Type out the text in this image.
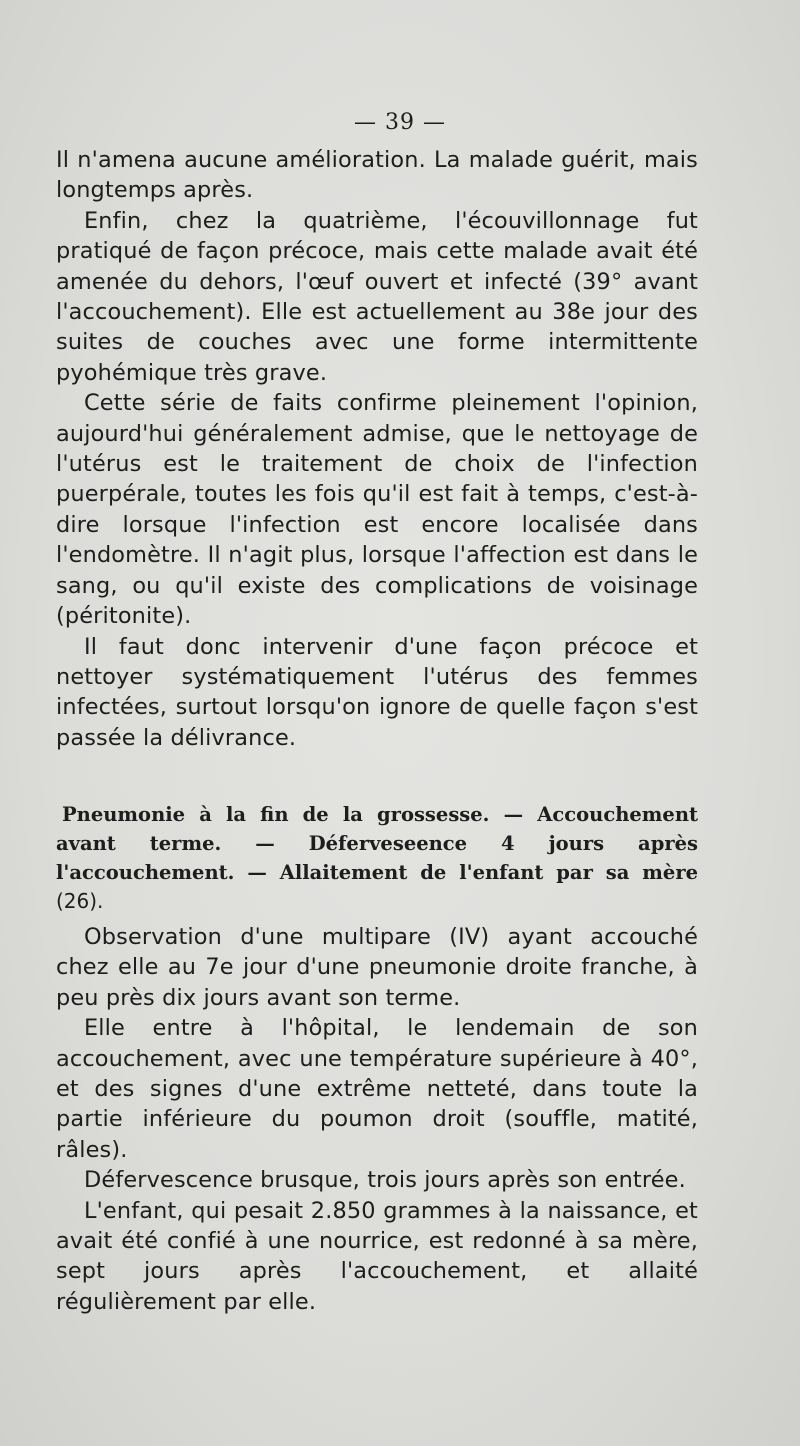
— 39 —

Il n'amena aucune amélioration. La malade guérit, mais longtemps après.

Enfin, chez la quatrième, l'écouvillonnage fut pratiqué de façon précoce, mais cette malade avait été amenée du dehors, l'œuf ouvert et infecté (39° avant l'accouchement). Elle est actuellement au 38e jour des suites de couches avec une forme intermittente pyohémique très grave.

Cette série de faits confirme pleinement l'opinion, aujourd'hui généralement admise, que le nettoyage de l'utérus est le traitement de choix de l'infection puerpérale, toutes les fois qu'il est fait à temps, c'est-à-dire lorsque l'infection est encore localisée dans l'endomètre. Il n'agit plus, lorsque l'affection est dans le sang, ou qu'il existe des complications de voisinage (péritonite).

Il faut donc intervenir d'une façon précoce et nettoyer systématiquement l'utérus des femmes infectées, surtout lorsqu'on ignore de quelle façon s'est passée la délivrance.

Pneumonie à la fin de la grossesse. — Accouchement avant terme. — Déferveseence 4 jours après l'accouchement. — Allaitement de l'enfant par sa mère (26).

Observation d'une multipare (IV) ayant accouché chez elle au 7e jour d'une pneumonie droite franche, à peu près dix jours avant son terme.

Elle entre à l'hôpital, le lendemain de son accouchement, avec une température supérieure à 40°, et des signes d'une extrême netteté, dans toute la partie inférieure du poumon droit (souffle, matité, râles).

Défervescence brusque, trois jours après son entrée.

L'enfant, qui pesait 2.850 grammes à la naissance, et avait été confié à une nourrice, est redonné à sa mère, sept jours après l'accouchement, et allaité régulièrement par elle.
